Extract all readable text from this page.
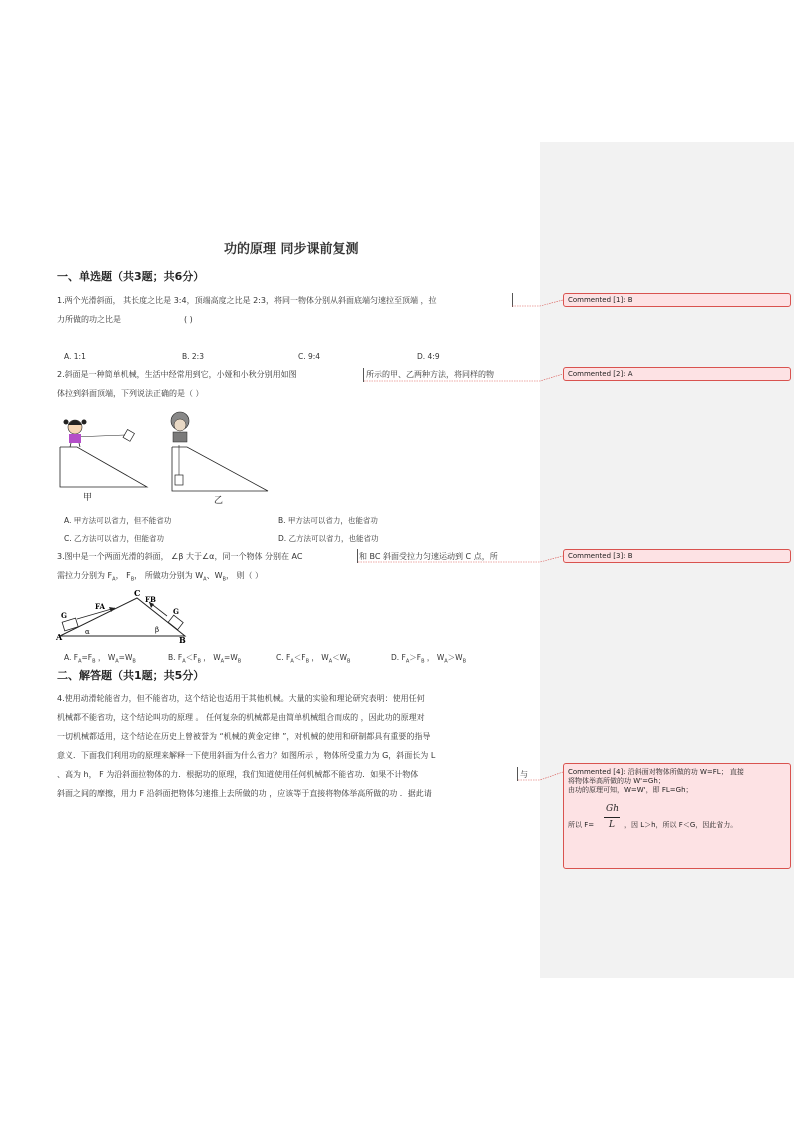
功的原理 同步课前复测
一、单选题（共3题；共6分）
1.两个光滑斜面， 其长度之比是 3:4，顶端高度之比是 2:3，将同一物体分别从斜面底端匀速拉至顶端 ，拉
力所做的功之比是	( )
A. 1:1	B. 2:3	C. 9:4	D. 4:9
2.斜面是一种简单机械，生活中经常用到它，小娅和小秋分别用如图	所示的甲、乙两种方法，将同样的物
体拉到斜面顶端，下列说法正确的是（ ）
甲	乙
A. 甲方法可以省力，但不能省功	B. 甲方法可以省力，也能省功
C. 乙方法可以省力，但能省功	D. 乙方法可以省力，也能省功
3.图中是一个两面光滑的斜面， ∠β 大于∠α，同一个物体 分别在 AC	和 BC 斜面受拉力匀速运动到 C 点，所
需拉力分别为 $F_A$， $F_B$， 所做功分别为 $W_A$、$W_B$， 则（ ）
C
FB
FA
G	G
α	β
A	B
A. $F_A=F_B$ ， $W_A=W_B$	B. $F_A<F_B$ ， $W_A=W_B$	C. $F_A<F_B$ ， $W_A<W_B$	D. $F_A>F_B$ ， $W_A>W_B$
二、解答题（共1题；共5分）
4.使用动滑轮能省力，但不能省功，这个结论也适用于其他机械。大量的实验和理论研究表明：使用任何
机械都不能省功，这个结论叫功的原理 。 任何复杂的机械都是由简单机械组合而成的 ，因此功的原理对
一切机械都适用，这个结论在历史上曾被誉为 “机械的黄金定律 ”，对机械的使用和研制都具有重要的指导
意义．下面我们利用功的原理来解释一下使用斜面为什么省力？如图所示 ，物体所受重力为 G，斜面长为 L
、高为 h， F 为沿斜面拉物体的力．根据功的原理，我们知道使用任何机械都不能省功．如果不计物体	与
斜面之间的摩擦，用力 F 沿斜面把物体匀速推上去所做的功 ，应该等于直接将物体举高所做的功 ．据此请
Commented [1]: B
Commented [2]: A
Commented [3]: B
Commented [4]: 沿斜面对物体所做的功 W=FL； 直接
将物体举高所做的功 W'=Gh；
由功的原理可知，W=W'，即 FL=Gh；
所以 F=
Gh
L ，因 L＞h，所以 F＜G，因此省力。
